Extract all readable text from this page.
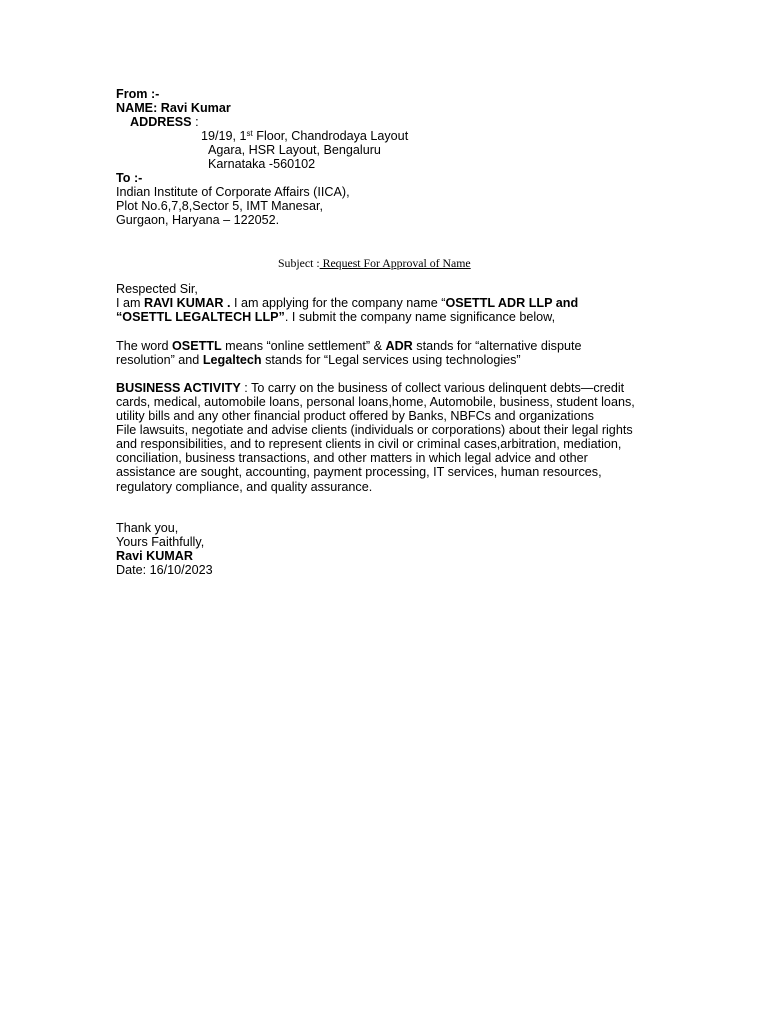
From :-
NAME: Ravi Kumar
ADDRESS :
19/19, 1st Floor, Chandrodaya Layout
Agara, HSR Layout, Bengaluru
Karnataka -560102
To :-
Indian Institute of Corporate Affairs (IICA),
Plot No.6,7,8,Sector 5, IMT Manesar,
Gurgaon, Haryana – 122052.
Subject : Request For Approval of Name
Respected Sir,
I am RAVI KUMAR . I am applying for the company name “OSETTL ADR LLP and
“OSETTL LEGALTECH LLP”. I submit the company name significance below,
The word OSETTL means “online settlement” & ADR stands for “alternative dispute
resolution” and Legaltech stands for “Legal services using technologies”
BUSINESS ACTIVITY : To carry on the business of collect various delinquent debts—credit
cards, medical, automobile loans, personal loans,home, Automobile, business, student loans,
utility bills and any other financial product offered by Banks, NBFCs and organizations
File lawsuits, negotiate and advise clients (individuals or corporations) about their legal rights
and responsibilities, and to represent clients in civil or criminal cases,arbitration, mediation,
conciliation, business transactions, and other matters in which legal advice and other
assistance are sought, accounting, payment processing, IT services, human resources,
regulatory compliance, and quality assurance.
Thank you,
Yours Faithfully,
Ravi KUMAR
Date: 16/10/2023
